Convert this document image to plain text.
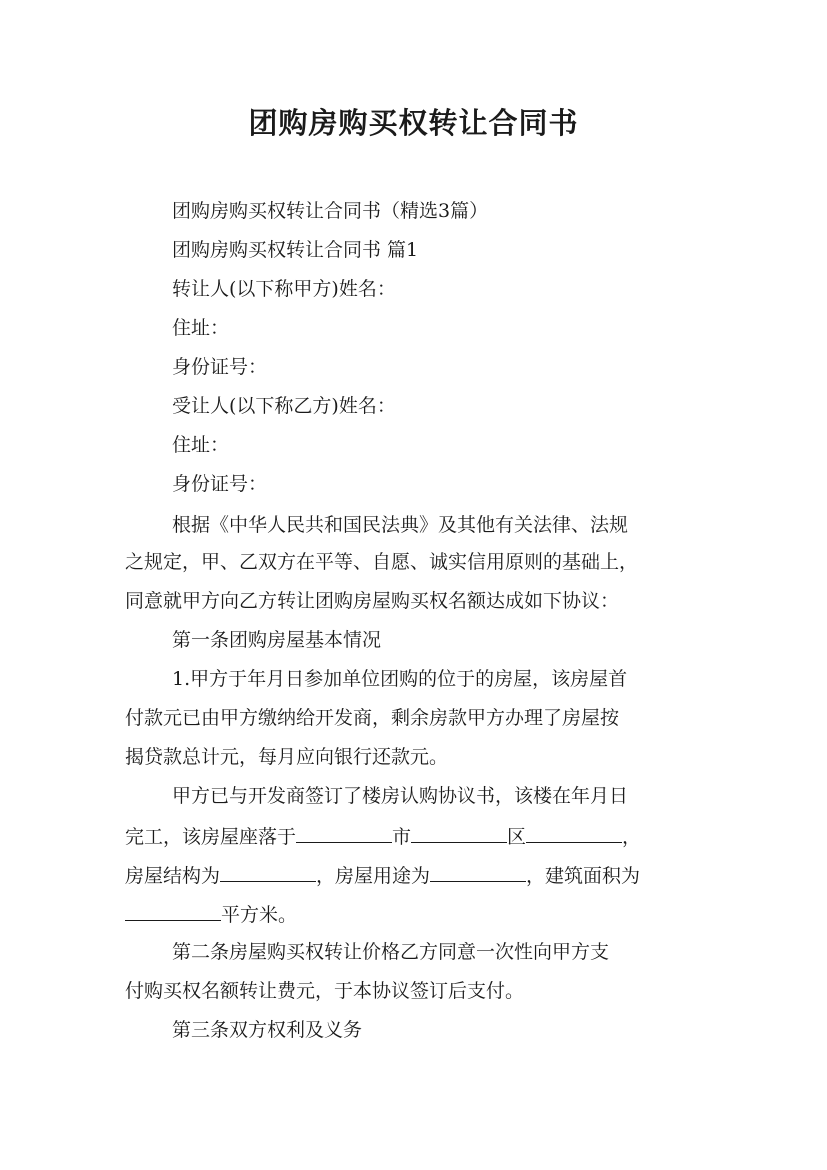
团购房购买权转让合同书
团购房购买权转让合同书（精选3篇）
团购房购买权转让合同书 篇1
转让人(以下称甲方)姓名：
住址：
身份证号：
受让人(以下称乙方)姓名：
住址：
身份证号：
根据《中华人民共和国民法典》及其他有关法律、法规
之规定，甲、乙双方在平等、自愿、诚实信用原则的基础上，
同意就甲方向乙方转让团购房屋购买权名额达成如下协议：
第一条团购房屋基本情况
1.甲方于年月日参加单位团购的位于的房屋，该房屋首
付款元已由甲方缴纳给开发商，剩余房款甲方办理了房屋按
揭贷款总计元，每月应向银行还款元。
甲方已与开发商签订了楼房认购协议书，该楼在年月日
完工，该房屋座落于	市	区	，
房屋结构为	，房屋用途为	，建筑面积为
平方米。
第二条房屋购买权转让价格乙方同意一次性向甲方支
付购买权名额转让费元，于本协议签订后支付。
第三条双方权利及义务
